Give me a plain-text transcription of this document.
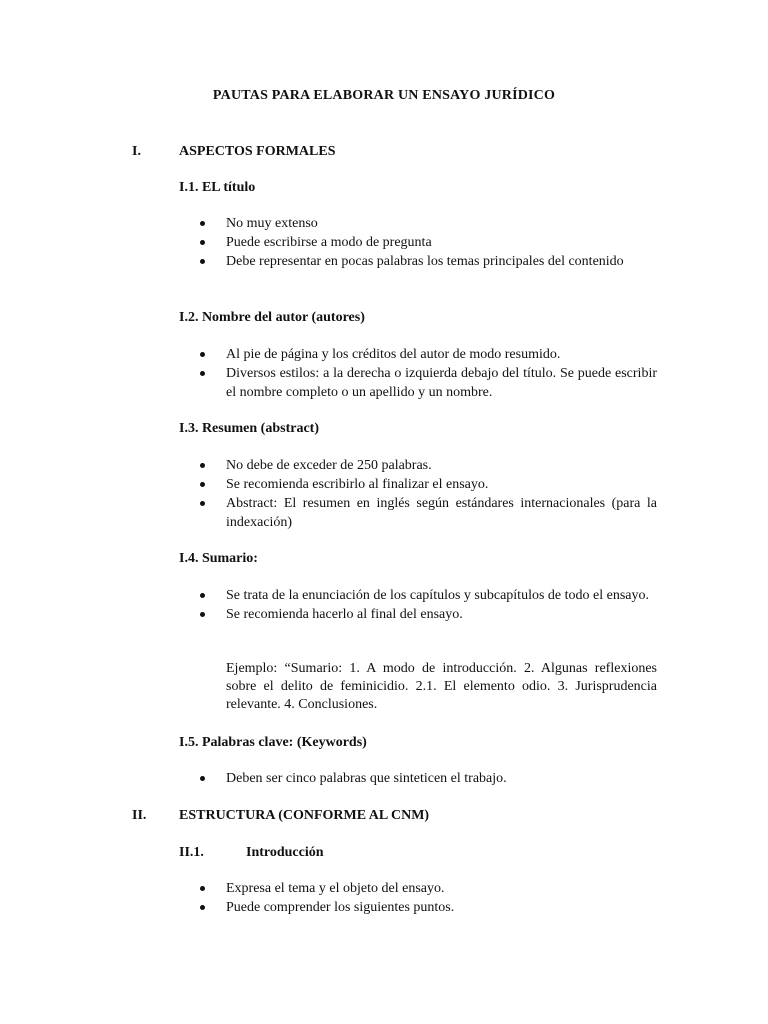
PAUTAS PARA ELABORAR UN ENSAYO JURÍDICO

I.	ASPECTOS FORMALES

I.1. EL título

No muy extenso
Puede escribirse a modo de pregunta
Debe representar en pocas palabras los temas principales del contenido

I.2. Nombre del autor (autores)

Al pie de página y los créditos del autor de modo resumido.
Diversos estilos: a la derecha o izquierda debajo del título. Se puede escribir el nombre completo o un apellido y un nombre.

I.3. Resumen (abstract)

No debe de exceder de 250 palabras.
Se recomienda escribirlo al finalizar el ensayo.
Abstract: El resumen en inglés según estándares internacionales (para la indexación)

I.4. Sumario:

Se trata de la enunciación de los capítulos y subcapítulos de todo el ensayo.
Se recomienda hacerlo al final del ensayo.

Ejemplo: “Sumario: 1. A modo de introducción. 2. Algunas reflexiones sobre el delito de feminicidio. 2.1. El elemento odio. 3. Jurisprudencia relevante. 4. Conclusiones.

I.5. Palabras clave: (Keywords)

Deben ser cinco palabras que sinteticen el trabajo.

II. ESTRUCTURA (CONFORME AL CNM)

II.1.	Introducción

Expresa el tema y el objeto del ensayo.
Puede comprender los siguientes puntos.
